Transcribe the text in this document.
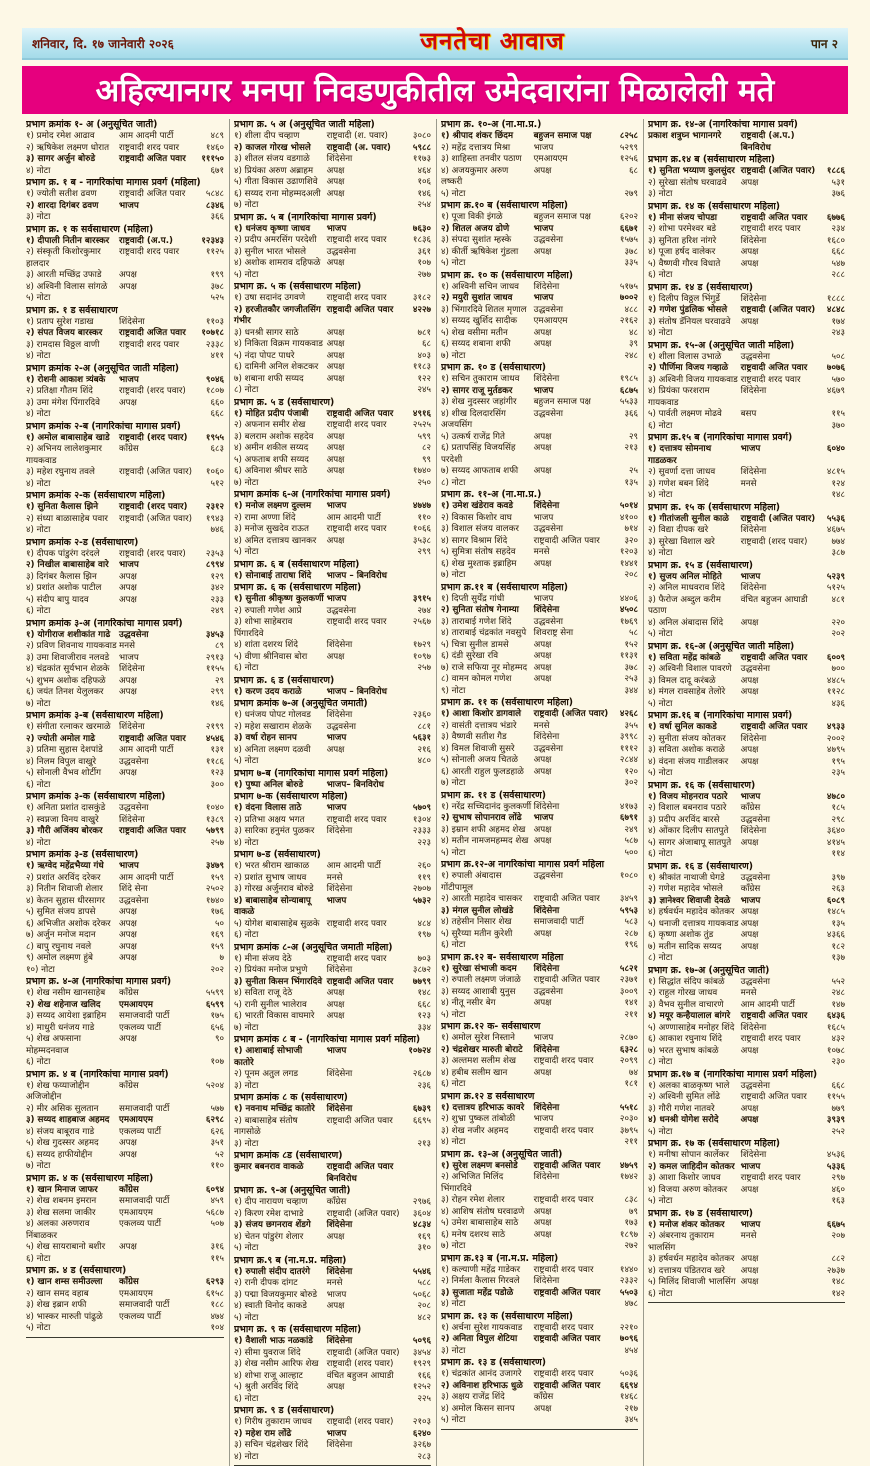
शनिवार, दि. १७ जानेवारी २०२६	जनतेचा आवाज	पान २
अहिल्यानगर मनपा निवडणुकीतील उमेदवारांना मिळालेली मते
प्रभाग क्रमांक १- अ (अनुसूचित जाती)
१) प्रमोद रमेश आढाव	आम आदमी पार्टी	४८९
२) ऋषिकेश लक्ष्मण धोरात	राष्ट्रवादी शरद पवार	१४६०
३) सागर अर्जुन बोरुडे	राष्ट्रवादी अजित पवार	१११५०
४) नोटा	६७१
प्रभाग क्र. १ ब - नागरिकांचा मागास प्रवर्ग (महिला)
१) ज्योती सतीश ढवण	राष्ट्रवादी अजित पवार	५८४८
२) शारदा दिगंबर ढवण	भाजप	८३४६
३) नोटा	३६६
प्रभाग क्र. १ क सर्वसाधारण (महिला)
१) दीपाली नितीन बारस्कर	राष्ट्रवादी (अ.प.)	१२३४३
२) संस्कृती किशोरकुमार हालदार
राष्ट्रवादी शरद पवार	११२५
३) आरती मच्छिंद्र उफाडे	अपक्ष	१९९
४) अश्विनी विलास सांगळे	अपक्ष	३७८
५) नोटा	५२५
प्रभाग क्र. १ ड सर्वसाधारण
१) प्रताप सुरेश गडाख	शिंदेसेना	११०३
२) संपत विजय बारस्कर	राष्ट्रवादी अजित पवार	१०७१८
३) रामदास विठ्ठल वाणी	राष्ट्रवादी शरद पवार	२३३८
४) नोटा	४११
प्रभाग क्रमांक २-अ (अनुसूचित जाती महिला)
१) रोशनी आकाश त्र्यंबके	भाजप	९०४६
२) प्रतिक्षा गौतम शिंदे	राष्ट्रवादी (शरद पवार)	१८०७
३) उमा मंगेश पिंगारदिवे	अपक्ष	६६०
४) नोटा	६६८
प्रभाग क्रमांक २-ब (नागरिकांचा मागास प्रवर्ग)
१) अमोल बाबासाहेब खाडे	राष्ट्रवादी (शरद पवार)	१९५५
२) अभिनय लालेशकुमार गायकवाड
काँग्रेस	६८३
३) महेश रघुनाथ तवले	राष्ट्रवादी (अजित पवार)	१०६०
४) नोटा	५१२
प्रभाग क्रमांक २-क (सर्वसाधारण महिला)
१) सुनिता कैलास झिने	राष्ट्रवादी (शरद पवार)	२३१२
२) संध्या बाळासाहेब पवार	राष्ट्रवादी (अजित पवार)	१९४३
४) नोटा	७४६
प्रभाग क्रमांक २-ड (सर्वसाधारण)
१) दीपक पांडुरंग दरंदले	राष्ट्रवादी (शरद पवार)	२३५३
२) निखील बाबासाहेब वारे	भाजप	८९९४
३) दिगंबर कैलास झिन	अपक्ष	१२९
४) प्रशांत अशोक पाटील	अपक्ष	३४२
५) संदीप बापु यादव	अपक्ष	२३३
६) नोटा	२४९
प्रभाग क्रमांक ३-अ (नागरिकांचा मागास प्रवर्ग)
१) योगीराज शशीकांत गाढे	उद्धवसेना	३४५३
२) प्रविण शिवनाथ गायकवाड मनसे	८९
३) उमा शिवाजीराव नलवडे	भाजप	२९१३
४) चंद्रकांत सुर्यभान शेळके	शिंदेसेना	११५५
५) शुभम अशोक दहिफळे	अपक्ष	२९
६) जयंत तिनश येलुलकर	अपक्ष	२९९
७) नोटा	१४६
प्रभाग क्रमांक ३-ब (सर्वसाधारण महिला)
१) संगीता रत्नाकर खरमाळे शिंदेसेना	२१९९
२) ज्योती अमोल गाढे	राष्ट्रवादी अजित पवार	४५४६
३) प्रतिमा सुहास देशपांडे	आम आदमी पार्टी	१३१
४) निलम विपुल वाखुरे	उद्धवसेना	११८६
५) सोनाली वैभव शोर्टीग	अपक्ष	१२३
६) नोटा	३००
प्रभाग क्रमांक ३-क (सर्वसाधारण महिला)
१) अनिता प्रशांत दासकुंडे	उद्धवसेना	१०४०
२) स्वप्नजा विनय वाखुरे	शिंदेसेना	१३८९
३) गौरी अजिंक्य बोरकर	राष्ट्रवादी अजित पवार	५७९९
४) नोटा	२५७
प्रभाग क्रमांक ३-ड (सर्वसाधारण)
१) ऋग्वेद महेंद्रभैय्या गंधे	भाजप	३४७९
२) प्रशांत अरविंद दरेकर	आम आदमी पार्टी	१५९
३) नितीन शिवाजी शेलार	शिंदे सेना	२५०२
४) केतन सुहास धीरसागर	उद्धवसेना	१७४०
५) सुमित संजय डापसे	अपक्ष	१७६
६) अभिजीत अशोक दरेकर अपक्ष	५०
७) अर्जुन मनोज मदान	अपक्ष	१६९
८) बापु रघुनाथ नवले	अपक्ष	१५९
९) अमोल लक्ष्मण हुंबे	अपक्ष	७
१०) नोटा	२०२
प्रभाग क्र. ४-अ (नागरिकांचा मागास प्रवर्ग)
१) शेख नसीम खानसाहेब	काँग्रेस	५५९९
२) शेख शहेनाज खलिद	एमआयएम	६५९९
३) सय्यद आयेशा इब्राहिम	समाजवादी पार्टी	१७५
४) माधुरी धनंजय गाडे	एकलव्य पार्टी	६५६
५) शेख अफसाना मोहम्मदनवाज
अपक्ष	९०
६) नोटा	१०७
प्रभाग क्र. ४ ब (नागरिकांचा मागास प्रवर्ग)
१) शेख फय्याजोद्दीन अजिजोद्दीन
काँग्रेस	५२०४
२) मीर असिक सुलतान	समाजवादी पार्टी	५७७
३) सय्यद शाहबाज अहमद	एमआयएम	६२९८
४) संजय बाबूराव गाडे	एकलव्य पार्टी	६२६
५) शेख गुदस्सर अहमद	अपक्ष	३५१
६) सय्यद हाफीयोद्दीन	अपक्ष	५२
७) नोटा	११०
प्रभाग क्र. ४ क (सर्वसाधारण महिला)
१) खान मिनाज जाफर	काँग्रेस	६०९४
२) शेख शबनम इमरान	समाजवादी पार्टी	४५९
३) शेख सलमा जाकीर	एमआयएम	५६८७
४) अलका अरुणराव निंबाळकर
एकलव्य पार्टी	५०७
५) शेख सायराबानो बशीर	अपक्ष	३१६
६) नोटा	११५
प्रभाग क्र. ४ ड (सर्वसाधारण)
१) खान शम्स समीउल्ला	काँग्रेस	६२९३
२) खान समद वहाब	एमआयएम	६१५८
३) शेख इब्रान शफी	समाजवादी पार्टी	१८८
४) भास्कर मारुती पांढुळे	एकलव्य पार्टी	४७४
५) नोटा	१०४
प्रभाग क्र. ५ अ (अनुसूचित जाती महिला)
१) शीला दीप चव्हाण	राष्ट्रवादी (श. पवार)	३०८०
२) काजल गोरख भोसले	राष्ट्रवादी (अ. पवार)	५९८८
३) शीतल संजय वडगाळे	शिंदेसेना	११७३
४) प्रियंका अरुण अब्राहम	अपक्ष	४६४
५) गीता विकास उढाणशिवे	अपक्ष	१०६
६) सय्यद राना मोहम्मदअली अपक्ष	१४६
७) नोटा	२५४
प्रभाग क्र. ५ ब (नागरिकांचा मागास प्रवर्ग)
१) धनंजय कृष्णा जाधव	भाजप	७६३०
२) प्रदीप अमरसिंग परदेशी	राष्ट्रवादी शरद पवार	१८३६
३) सुनील भारत भोसले	उद्धवसेना	३६१
४) अशोक शामराव दहिफळे अपक्ष	१०७
५) नोटा	२७७
प्रभाग क्र. ५ क (सर्वसाधारण महिला)
१) उषा सदानंद उगवणे	राष्ट्रवादी शरद पवार	३१८२
२) हरजीतकौर जगजीतसिंग गंभीर
राष्ट्रवादी अजित पवार	४२२७
३) धनश्री सागर साठे	अपक्ष	७८१
४) निकिता विक्रम गायकवाड अपक्ष	६८
५) नंदा पोपट पाधरे	अपक्ष	४०३
६) दामिनी अनिल शेकटकर अपक्ष	११८३
७) शबाना शफी सय्यद	अपक्ष	१२२
८) नोटा	२४५
प्रभाग क्र. ५ ड (सर्वसाधारण)
१) मोहित प्रदीप पंजाबी	राष्ट्रवादी अजित पवार	४९१६
२) अफनान समीर शेख	राष्ट्रवादी शरद पवार	२५२५
३) बलराम अशोक सहदेव	अपक्ष	५९९
४) अमीन शकील सय्यद	अपक्ष	८२
५) अफताब शफी सय्यद	अपक्ष	९९
६) अविनाश श्रीधर साठे	अपक्ष	१७४०
७) नोटा	२५०
प्रभाग क्रमांक ६-अ (नागरिकांचा मागास प्रवर्ग)
१) मनोज लक्ष्मण दुल्लम	भाजप	४७४७
२) रामा अण्णा शिंदे	आम आदमी पार्टी	११०
३) मनोज सुखदेव राऊत	राष्ट्रवादी शरद पवार	१०६६
४) अमित दत्तात्रय खानकर	अपक्ष	३५३८
५) नोटा	२९९
प्रभाग क्र. ६ ब (सर्वसाधारण महिला)
१) सोनाबाई ताराषा शिंदे	भाजप – बिनविरोध
प्रभाग क्र. ६ क (सर्वसाधारण महिला)
१) सुनीता श्रीकृष्ण कुलकर्णी भाजप	३९१५
२) रुपाली गणेश आप्रे	उद्धवसेना	२७४
३) शोभा साहेबराव पिंगारदिवे
राष्ट्रवादी शरद पवार	२५६७
४) शांता दशरथ शिंदे	शिंदेसेना	१७२९
५) वीणा श्रीनिवास बोरा	अपक्ष	१०९७
६) नोटा	२५७
प्रभाग क्र. ६ ड (सर्वसाधारण)
१) करण उदय कराळे	भाजप – बिनविरोध
प्रभाग क्रमांक ७-अ (अनुसूचित जमाती)
१) धनंजय पोपट गोलवड	शिंदेसेना	२३६०
२) महेश सखाराम शेळके	उद्धवसेना	८८१
३) वर्षा रोहन सानप	भाजप	५६३१
४) अनिता लक्ष्मण दळवी	अपक्ष	२१६
५) नोटा	४८०
प्रभाग ७-ब (नागरिकांचा मागास प्रवर्ग महिला)
१) पुष्पा अनिल बोरुडे	भाजप– बिनविरोध
प्रभाग ७-क (सर्वसाधारण महिला)
१) वंदना विलास ताठे	भाजप	५७०९
२) प्रतिभा अक्षय भगत	राष्ट्रवादी शरद पवार	१३०४
३) सारिका हनुमंत पुळकर	शिंदेसेना	२३३३
४) नोटा	२२३
प्रभाग ७-ड (सर्वसाधारण)
१) भरत श्रीराम खाकाळ	आम आदमी पार्टी	२६०
२) प्रशांत सुभाष जाधव	मनसे	११९
३) गोरख अर्जुनराव बोरुडे	शिंदेसेना	२७०७
४) बाबासाहेब सोन्याबापू वाकळे
भाजप	५७३२
५) योगेश बाबासाहेब सुळके राष्ट्रवादी शरद पवार	४८४
६) नोटा	१९७
प्रभाग क्रमांक ८-अ (अनुसूचित जमाती महिला)
१) मीना संजय देठे	राष्ट्रवादी शरद पवार	७०३
२) प्रियंका मनोज प्रभुणे	शिंदेसेना	३८७२
३) सुनीता किसन भिंगारदिवे राष्ट्रवादी अजित पवार	७७९९
४) सविता राजू देठे	अपक्ष	१४८
५) रानी सुनील भालेराव	अपक्ष	६६८
६) भारती विकास वाघमारे	अपक्ष	१२३
७) नोटा	३३४
प्रभाग क्रमांक ८ ब - (नागरिकांचा मागास प्रवर्ग महिला)
१) आशाबाई सोभाजी कातोरे
भाजप	१०७२४
२) पूनम अतुल लगड	शिंदेसेना	२६८७
३) नोटा	२३६
प्रभाग क्रमांक ८ क (सर्वसाधारण)
१) नवनाथ मच्छिंद्र कातोरे	शिंदेसेना	६७३९
२) बाबासाहेब संतोष नागसोळे
राष्ट्रवादी अजित पवार	६६९५
३) नोटा	२१३
प्रभाग क्रमांक ८ड (सर्वसाधारण)
कुमार बबनराव वाकळे	राष्ट्रवादी अजित पवार बिनविरोध
प्रभाग क्र. ९-अ (अनुसूचित जाती)
१) दीप नारायण चव्हाण	काँग्रेस	२९७६
२) किरण रमेश दाभाडे	राष्ट्रवादी (अजित पवार)	३६०४
३) संजय छगनराव शेंडगे	शिंदेसेना	४८३४
४) चेतन पांडुरंग शेलार	अपक्ष	१६९
५) नोटा	३१०
प्रभाग क्र.९ ब (ना.म.प्र. महिला)
१) रुपाली संदीप दातरंगे	शिंदेसेना	५५४६
२) रानी दीपक दांगट	मनसे	५८८
३) पद्मा विजयकुमार बोरुडे	भाजप	५०६८
४) स्वाती विनोद काकडे	अपक्ष	२०८
५) नोटा	४८२
प्रभाग क्र. ९ क (सर्वसाधारण महिला)
१) वैशाली भाऊ नळकांडे	शिंदेसेना	५०९६
२) सीमा युवराज शिंदे	राष्ट्रवादी (अजित पवार)	३४५४
३) शेख नसीम आरिफ शेख राष्ट्रवादी (शरद पवार)	१९२९
४) शोभा राजू आल्हाट	वंचित बहुजन आघाडी	१६६
५) श्रुती अरविंद शिंदे	अपक्ष	१२५२
६) नोटा	२२५
प्रभाग क्र. ९ ड (सर्वसाधारण)
१) गिरीष तुकाराम जाधव	राष्ट्रवादी (शरद पवार)	२१०३
२) महेश राम लोंढे	भाजप	६२४०
३) सचिन चंद्रशेखर शिंदे	शिंदेसेना	३२६७
४) नोटा	२८३
प्रभाग क्र. १०-अ (ना.मा.प्र.)
१) श्रीपाद शंकर छिंदम	बहुजन समाज पक्ष	८२५८
२) महेंद्र दत्तात्रय मिश्रा	भाजप	५२९९
३) शाहिस्ता तनवीर पठाण	एमआयएम	१२५६
४) अजयकुमार अरुण लष्करी
अपक्ष	६८
५) नोटा	२७९
प्रभाग क्र.१० ब (सर्वसाधारण महिला)
१) पूजा विकी इंगळे	बहुजन समाज पक्ष	६२०२
२) शितल अजय ढोणे	भाजप	६६७१
३) संपदा सुशांत म्हस्के	उद्धवसेना	१५७५
४) कीर्ती ऋषिकेश गुंडला	अपक्ष	३७८
५) नोटा	३३५
प्रभाग क्र. १० क (सर्वसाधारण महिला)
१) अश्विनी सचिन जाधव	शिंदेसेना	५१७५
२) मयुरी सुशांत जाधव	भाजप	७००२
३) भिंगारदिवे शितल मृणाल उद्धवसेना	४८८
४) सय्यद खुर्शिद सादीक	एमआयएम	२१६२
५) शेख वसीमा मतीन	अपक्ष	४८
६) सय्यद शबाना शफी	अपक्ष	३९
७) नोटा	२४८
प्रभाग क्र. १० ड (सर्वसाधारण)
१) सचिन तुकाराम जाधव	शिंदेसेना	१९८५
२) सागर राजू मुर्तडकर	भाजप	६८७५
३) शेख नुदस्सर जहांगीर	बहुजन समाज पक्ष	५५३३
४) शीख दिलदारसिंग अजयसिंग
उद्धवसेना	३६६
५) उत्कर्ष राजेंद्र गिते	अपक्ष	२९
६) प्रतापसिंह विजयसिंह परदेशी
अपक्ष	२१३
७) सय्यद आफताब शफी	अपक्ष	२५
८) नोटा	१३५
प्रभाग क्र. ११-अ (ना.मा.प्र.)
१) उमेश खंडेराव कवडे	शिंदेसेना	५०१४
२) विकास किशोर वाघ	भाजप	४१००
३) विशाल संजय वालकर	उद्धवसेना	७१४
४) सागर विश्राम शिंदे	राष्ट्रवादी अजित पवार	३२०
५) सुमित्रा संतोष सहदेव	मनसे	१२०३
६) शेख मुश्ताक इब्राहिम	अपक्ष	१४४१
७) नोटा	२०८
प्रभाग क्र.११ ब (सर्वसाधारण महिला)
१) दिप्ती सुर्येंद्र गांधी	भाजप	४४०६
२) सुनिता संतोष गेनाम्या	शिंदेसेना	४५०८
३) ताराबाई गणेश शिंदे	उद्धवसेना	१७६९
४) ताराबाई चंद्रकांत नवसुपे शिवराष्ट्र सेना	५८
५) चित्रा सुनील डामसे	अपक्ष	१५२
६) दंडी सुरेखा रवि	अपक्ष	११३१
७) राजे सफिया नूर मोहम्मद अपक्ष	३७८
८) वामन कोमल गणेश	अपक्ष	२५३
९) नोटा	३४४
प्रभाग क्र. ११ क (सर्वसाधारण महिला)
१) आशा किशोर डागवाले	राष्ट्रवादी (अजित पवार)	४२६८
२) वासंती दत्तात्रय भंडारे	मनसे	३५५
३) वैष्णवी सतीश गैड	शिंदेसेना	३९९८
४) विमल शिवाजी सुसरे	उद्धवसेना	१११२
५) सोनाली अजय चितळे	अपक्ष	२८४४
६) आरती राहुल फुलडहाळे	अपक्ष	१२०
७) नोटा	३०२
प्रभाग क्र. ११ ड (सर्वसाधारण)
१) नरेंद्र सच्चिदानंद कुलकर्णी शिंदेसेना	४१७३
२) सुभाष सोपानराव लोंढे	भाजप	६७९१
३) इम्रान शफी अहमद शेख अपक्ष	२४९
४) मतीन नामजमहम्मद शेख अपक्ष	५८७
५) नोटा	५००
प्रभाग क्र.१२-अ नागरिकांचा मागास प्रवर्ग महिला
१) रुपाली अंबादास गोंटीपामूल
उद्धवसेना	१०८०
२) आरती महादेव चासकर	राष्ट्रवादी अजित पवार	३४५९
३) मंगल सुनील लोखंडे	शिंदेसेना	५९५३
४) तहेसीन निसार शेख	समाजवादी पार्टी	५८३
५) सुरैय्या मतीन कुरेशी	अपक्ष	२८७
६) नोटा	१९६
प्रभाग क्र.१२ ब- सर्वसाधारण महिला
१) सुरेखा संभाजी कदम	शिंदेसेना	५८२१
२) रुपाली लक्ष्मण जंजाळे	राष्ट्रवादी अजित पवार	२३७१
३) सय्यद आशाबी युनुस	उद्धवसेना	३००९
४) नीतू नसीर बेग	अपक्ष	१४१
५) नोटा	२११
प्रभाग क्र.१२ क- सर्वसाधारण
१) अमोल सुरेश निस्ताने	भाजप	२८७०
२) चंद्रशेखर मारुती बोराटे	शिंदेसेना	६३२८
३) अल्तमश सलीम शेख	राष्ट्रवादी शरद पवार	२०९९
४) हबीब सलीम खान	अपक्ष	७४
६) नोटा	१८१
प्रभाग क्र.१२ ड सर्वसाधारण
१) दत्तात्रय हरिभाऊ कावरे	शिंदेसेना	५५१८
२) शुभ्रा पुष्कल तांबोळी	भाजप	२०३०
३) शेख नजीर अहमद	राष्ट्रवादी शरद पवार	३७९५
४) नोटा	२११
प्रभाग क्र. १३-अ (अनुसूचित जाती)
१) सुरेश लक्ष्मण बनसोडे	राष्ट्रवादी अजित पवार	४७५९
२) अभिजित मिलिंद भिंगारदिवे
शिंदेसेना	१७४२
३) रोहन रमेश शेलार	राष्ट्रवादी शरद पवार	८३८
४) आशिष संतोष घरवाढणे	अपक्ष	७९
५) उमेश बाबासाहेब साठे	अपक्ष	१७३
६) मनेष दशरथ साठे	अपक्ष	१८९७
७) नोटा	२७२
प्रभाग क्र.१३ ब (ना.म.प्र. महिला)
१) कल्याणी महेंद्र गाडेकर	राष्ट्रवादी शरद पवार	१४४०
२) निर्मला कैलास गिरवले	शिंदेसेना	२३३२
३) सुजाता महेंद्र पडोळे	राष्ट्रवादी अजित पवार	५५०३
४) नोटा	४७८
प्रभाग क्र. १३ क (सर्वसाधारण महिला)
१) अर्चना सुरेश गायकवाड	राष्ट्रवादी शरद पवार	२२१०
२) अनिता विपुल शेटिया	राष्ट्रवादी अजित पवार	७०९६
३) नोटा	४५४
प्रभाग क्र. १३ ड (सर्वसाधारण)
१) चंद्रकांत आनंद उजागरे	राष्ट्रवादी शरद पवार	५०३६
२) अविनाश हरिभाऊ धुळे	राष्ट्रवादी अजित पवार	६६९४
३) अक्षय राजेंद्र शिंदे	काँग्रेस	१४६८
४) अमोल किसन सानप	अपक्ष	२१७
५) नोटा	३४५
प्रभाग क्र. १४-अ (नागरिकांचा मागास प्रवर्ग)
प्रकाश शत्रुघ्न भागानगरे	राष्ट्रवादी (अ.प.) बिनविरोध
प्रभाग क्र.१४ ब (सर्वसाधारण महिला)
१) सुनिता भय्याण कुलसुंदर राष्ट्रवादी (अजित पवार)	१८८६
२) सुरेखा संतोष घरवाढवे	अपक्ष	५३१
३) नोटा	३७६
प्रभाग क्र. १४ क (सर्वसाधारण महिला)
१) मीना संजय चोपडा	राष्ट्रवादी अजित पवार	६७७६
२) शोभा परमेश्वर बडे	राष्ट्रवादी शरद पवार	२३४
३) सुनिता हरिश नांगरे	शिंदेसेना	१६८०
४) पूजा हर्षद वालेकर	अपक्ष	६६८
५) वैष्णवी गौरव विधाते	अपक्ष	५४७
६) नोटा	२८८
प्रभाग क्र. १४ ड (सर्वसाधारण)
१) दिलीप विठ्ठल भिंगुर्डे	शिंदेसेना	१८८८
२) गणेश पुंडलिक भोसले	राष्ट्रवादी (अजित पवार)	४८४८
३) संतोष डॅनियल घरवाढवे	अपक्ष	१७४
४) नोटा	२४३
प्रभाग क्र. १५-अ (अनुसूचित जाती महिला)
१) शीला विलास उभाळे	उद्धवसेना	५०८
२) पौर्णिमा विजय गव्हाळे	राष्ट्रवादी अजित पवार	७०७६
३) अश्विनी विजय गायकवाड राष्ट्रवादी शरद पवार	५७०
४) प्रियंका फरशराम गायकवाड
शिंदेसेना	४६७९
५) पार्वती लक्ष्मण मोढवे	बसप	११५
६) नोटा	३७०
प्रभाग क्र.१५ ब (नागरिकांचा मागास प्रवर्ग)
१) दत्तात्रय सोमनाथ गाडळकर
भाजप	६०४०
२) सुवर्णा दत्ता जाधव	शिंदेसेना	४८१५
३) गणेश बबन शिंदे	मनसे	१२४
४) नोटा	१४८
प्रभाग क्र. १५ क (सर्वसाधारण महिला)
१) गीतांजली सुनील काळे	राष्ट्रवादी (अजित पवार)	५५३६
२) विद्या दीपक खरे	शिंदेसेना	४६७५
३) सुरेखा विशाल खरे	राष्ट्रवादी (शरद पवार)	७७४
४) नोटा	३८७
प्रभाग क्र. १५ ड (सर्वसाधारण)
१) सुजय अनिल मोहिते	भाजप	५२३९
२) अनिल माधवराव शिंदे	शिंदेसेना	५१२५
३) फैरोज अब्दुल करीम पठाण
वंचित बहुजन आघाडी	४८१
४) अनिल अंबादास शिंदे	अपक्ष	२२०
५) नोटा	२०२
प्रभाग क्र. १६-अ (अनुसूचित जाती महिला)
१) सविता महेंद्र कांबळे	राष्ट्रवादी अजित पवार	६००९
२) अश्विनी विशाल पावरणे	उद्धवसेना	७००
३) विमल दादू करंबळे	अपक्ष	४४८५
४) मंगल रावसाहेब तेलोरे	अपक्ष	११२८
५) नोटा	४३६
प्रभाग क्र.१६ ब (नागरिकांचा मागास प्रवर्ग)
१) वर्षा सुनिल काकडे	राष्ट्रवादी अजित पवार	४९३३
२) सुनीता संजय कोतकर	शिंदेसेना	२००२
३) सविता अशोक कराळे	अपक्ष	४७९५
४) वंदना संजय गाडीलकर	अपक्ष	१९५
५) नोटा	२३५
प्रभाग क्र. १६ क (सर्वसाधारण)
१) विजय मोहनराव पठारे	भाजप	४७८०
२) विशाल बबनराव पठारे	काँग्रेस	१८५
३) प्रदीप अरविंद बारसे	उद्धवसेना	२९८
४) ओंकार दिलीप सातपुते	शिंदेसेना	३६४०
५) सागर अंजाबापू सातपुते	अपक्ष	४१४५
६) नोटा	११४
प्रभाग क्र. १६ ड (सर्वसाधारण)
१) श्रीकांत नाथाजी घेगडे	उद्धवसेना	३९७
२) गणेश महादेव भोसले	काँग्रेस	२६३
३) ज्ञानेश्वर शिवाजी देवळे	भाजप	६०८९
४) हर्षवर्धन महादेव कोतकर अपक्ष	१४८५
५) धनाजी दत्तात्रय गायकवाड अपक्ष	१३५
६) कृष्णा अशोक तुंड	अपक्ष	४३६६
७) मतीन सादिक सय्यद	अपक्ष	१८२
८) नोटा	१३७
प्रभाग क्र. १७-अ (अनुसूचित जाती)
१) सिद्धांत संदिप कांबळे	उद्धवसेना	५५२
२) राहुल गोरख जाधव	मनसे	२४८
३) वैभव सुनील वाचारणे	आम आदमी पार्टी	१४७
४) मयूर कन्हैयालाल बांगरे	राष्ट्रवादी अजित पवार	६४३६
५) अण्णासाहेब मनोहर शिंदे शिंदेसेना	१६८५
६) आकाश रघुनाथ शिंदे	राष्ट्रवादी शरद पवार	४३२
७) भरत सुभाष कांबळे	अपक्ष	१०७८
८) नोटा	२३०
प्रभाग क्र.१७ ब (नागरिकांचा मागास प्रवर्ग महिला)
१) अलका बाळकृष्ण भाले	उद्धवसेना	६६८
२) अश्विनी सुमित लोंढे	राष्ट्रवादी अजित पवार	११५५
३) गौरी गणेश नातवरे	अपक्ष	७७९
४) धनश्री योगेश सरोदे	अपक्ष	३९३९
५) नोटा	२५२
प्रभाग क्र. १७ क (सर्वसाधारण महिला)
१) मनीषा सोपान कार्लेकर	शिंदेसेना	४५३६
२) कमल जाहिदीन कोतकर भाजप	५३३६
३) आशा किशोर जाधव	राष्ट्रवादी शरद पवार	२९७
४) विजया अरुण कोतकर	अपक्ष	४६०
५) नोटा	१६३
प्रभाग क्र. १७ ड (सर्वसाधारण)
१) मनोज शंकर कोतकर	भाजप	६६७५
२) अंबरनाथ तुकाराम भालसिंग
मनसे	२०७
३) हर्षवर्धन महादेव कोतकर अपक्ष	८८२
४) दत्तात्रय पंडितराव खरे	अपक्ष	२७३७
५) मिलिंद शिवाजी भालसिंग अपक्ष	१४८
६) नोटा	१४२
